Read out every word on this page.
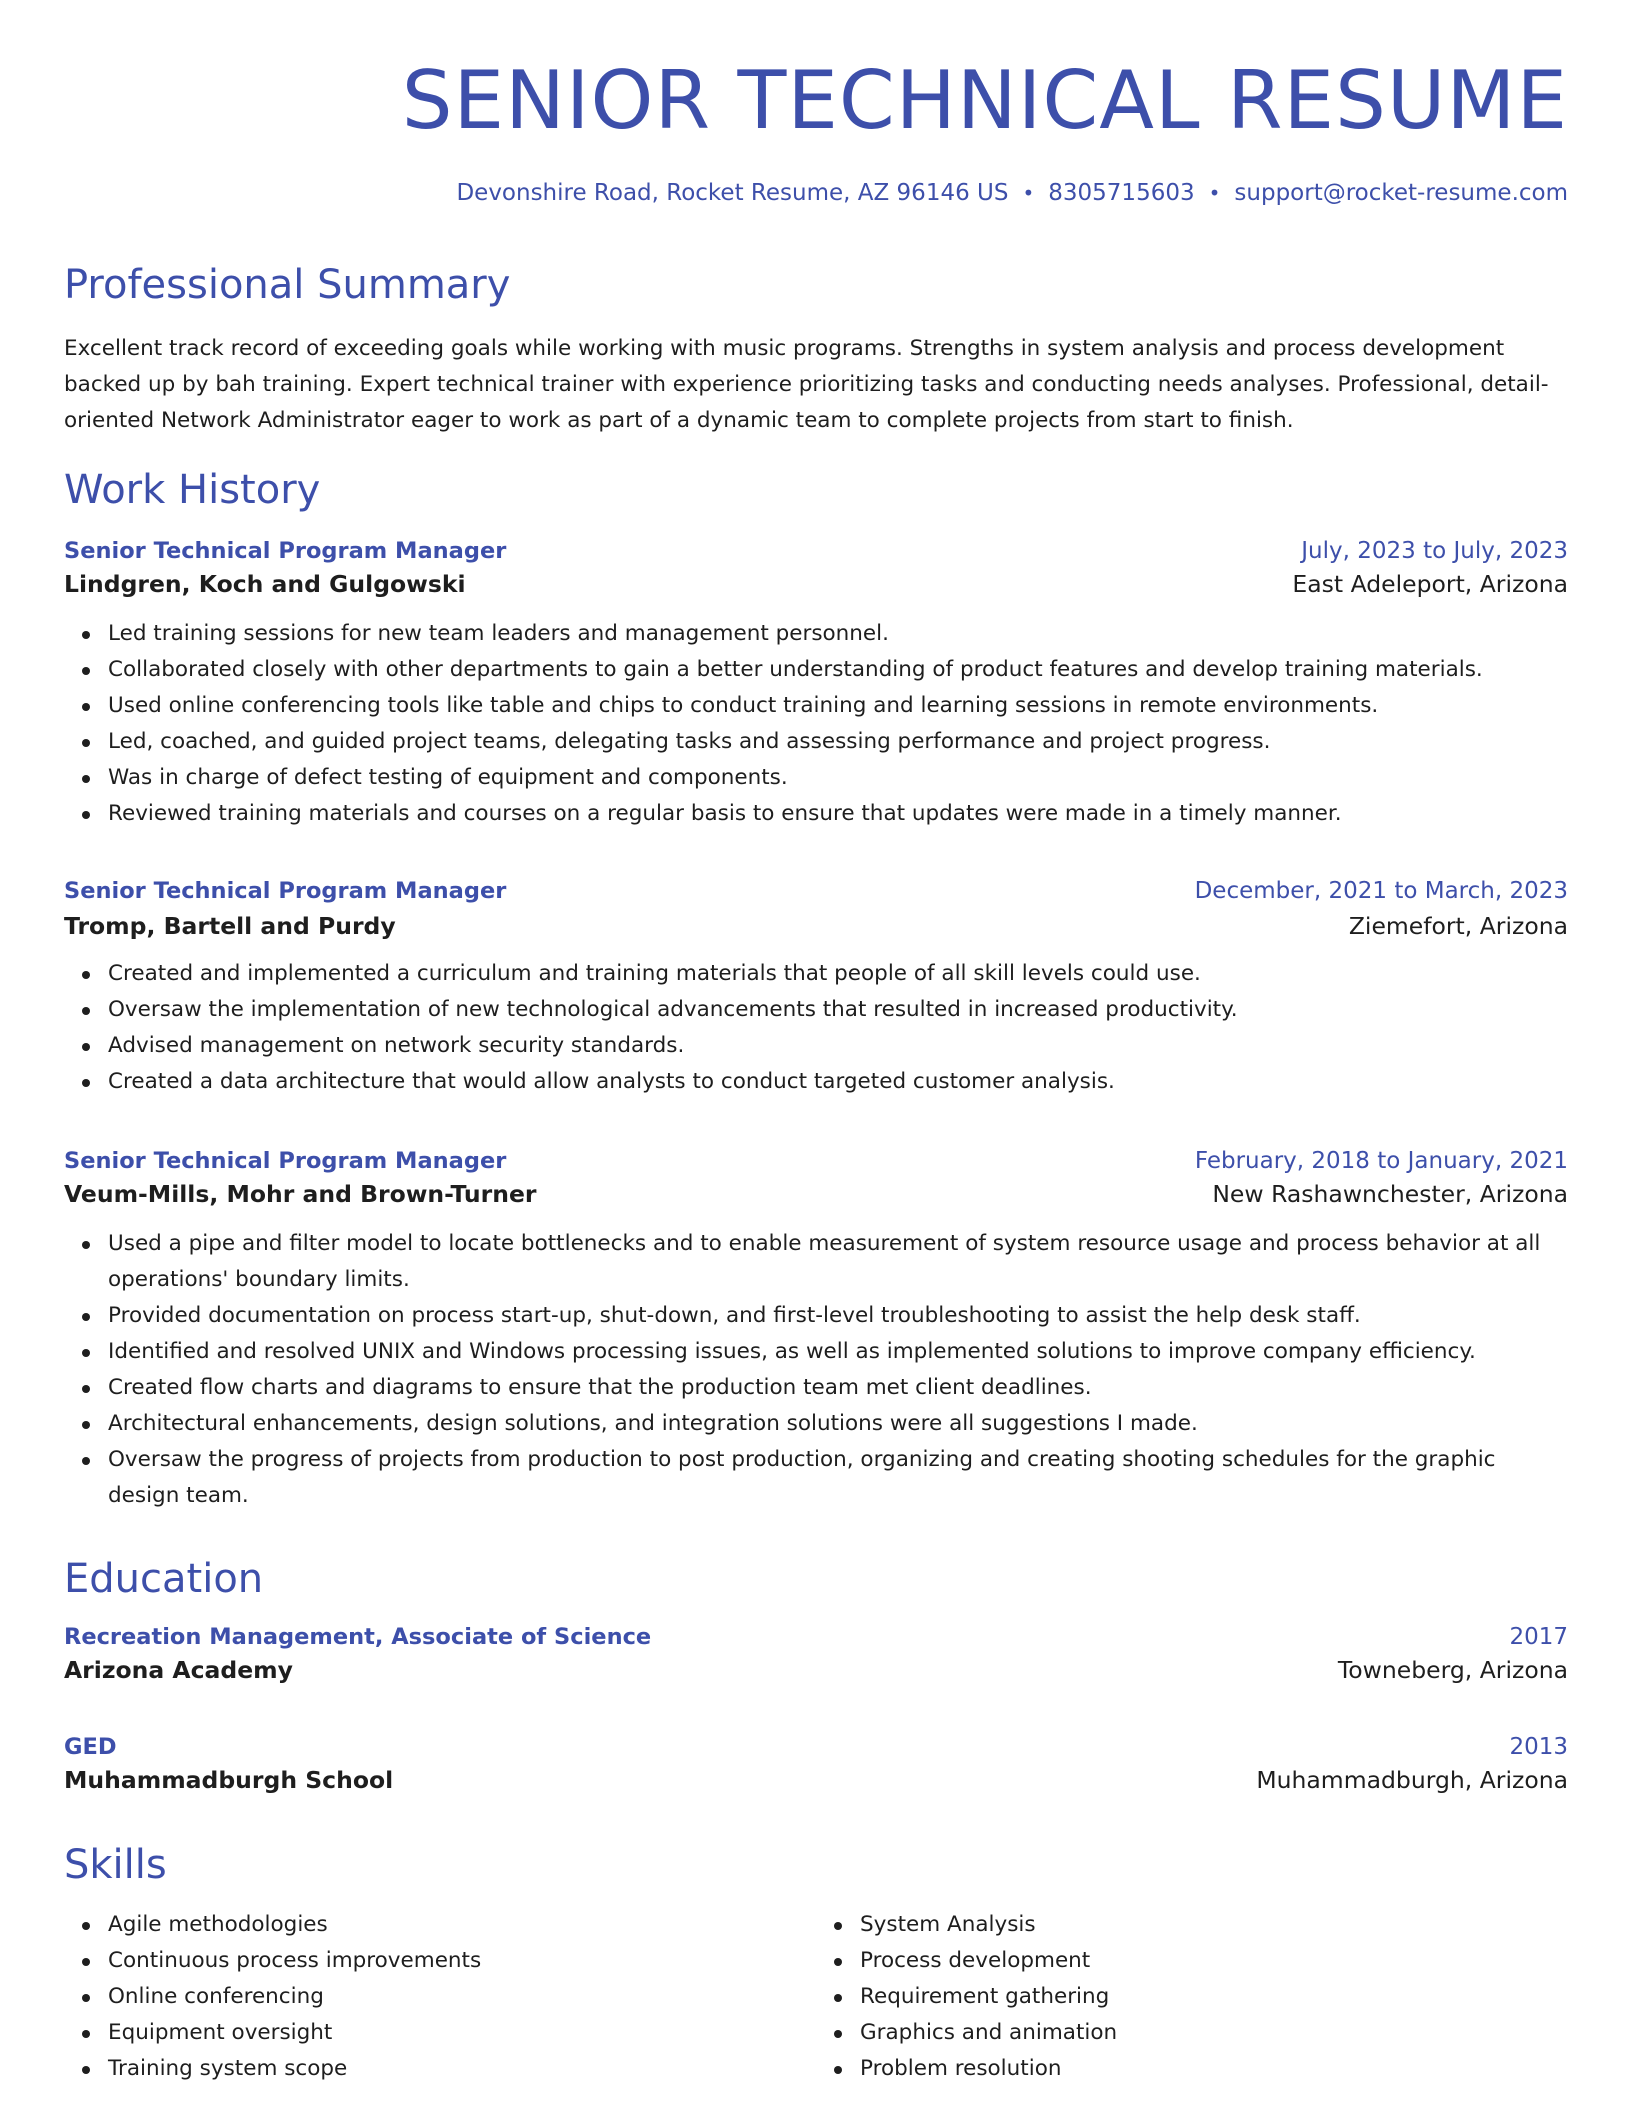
SENIOR TECHNICAL RESUME
Devonshire Road, Rocket Resume, AZ 96146 US • 8305715603 • support@rocket-resume.com
Professional Summary

Excellent track record of exceeding goals while working with music programs. Strengths in system analysis and process development backed up by bah training. Expert technical trainer with experience prioritizing tasks and conducting needs analyses. Professional, detail-oriented Network Administrator eager to work as part of a dynamic team to complete projects from start to finish.

Work History
Senior Technical Program Manager	July, 2023 to July, 2023
Lindgren, Koch and Gulgowski	East Adeleport, Arizona
Led training sessions for new team leaders and management personnel.
Collaborated closely with other departments to gain a better understanding of product features and develop training materials.
Used online conferencing tools like table and chips to conduct training and learning sessions in remote environments.
Led, coached, and guided project teams, delegating tasks and assessing performance and project progress.
Was in charge of defect testing of equipment and components.
Reviewed training materials and courses on a regular basis to ensure that updates were made in a timely manner.
Senior Technical Program Manager	December, 2021 to March, 2023
Tromp, Bartell and Purdy	Ziemefort, Arizona
Created and implemented a curriculum and training materials that people of all skill levels could use.
Oversaw the implementation of new technological advancements that resulted in increased productivity.
Advised management on network security standards.
Created a data architecture that would allow analysts to conduct targeted customer analysis.
Senior Technical Program Manager	February, 2018 to January, 2021
Veum-Mills, Mohr and Brown-Turner	New Rashawnchester, Arizona
Used a pipe and filter model to locate bottlenecks and to enable measurement of system resource usage and process behavior at all operations' boundary limits.
Provided documentation on process start-up, shut-down, and first-level troubleshooting to assist the help desk staff.
Identified and resolved UNIX and Windows processing issues, as well as implemented solutions to improve company efficiency.
Created flow charts and diagrams to ensure that the production team met client deadlines.
Architectural enhancements, design solutions, and integration solutions were all suggestions I made.
Oversaw the progress of projects from production to post production, organizing and creating shooting schedules for the graphic design team.
Education
Recreation Management, Associate of Science	2017
Arizona Academy	Towneberg, Arizona
GED	2013
Muhammadburgh School	Muhammadburgh, Arizona
Skills
Agile methodologies
Continuous process improvements
Online conferencing
Equipment oversight
Training system scope
System Analysis
Process development
Requirement gathering
Graphics and animation
Problem resolution
